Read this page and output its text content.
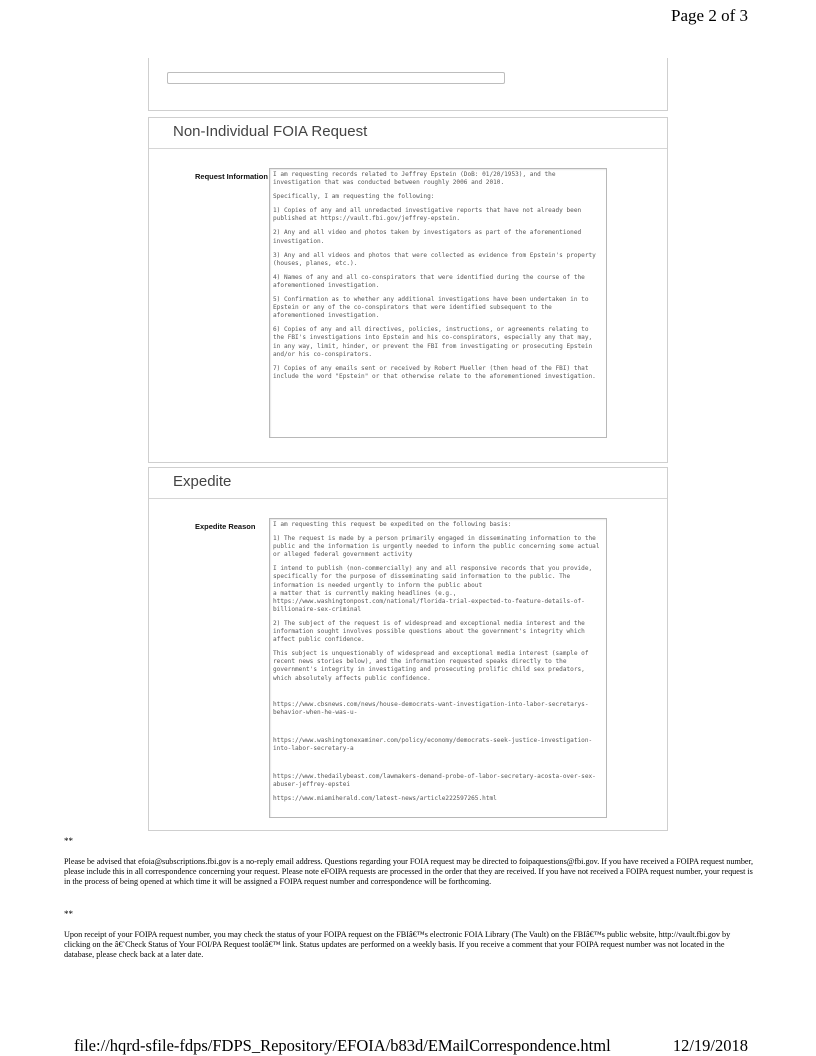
Page 2 of 3
Non-Individual FOIA Request
Request Information I am requesting records related to Jeffrey Epstein (DoB: 01/20/1953), and the investigation that was conducted between roughly 2006 and 2010.

Specifically, I am requesting the following:

1) Copies of any and all unredacted investigative reports that have not already been published at https://vault.fbi.gov/jeffrey-epstein.

2) Any and all video and photos taken by investigators as part of the aforementioned investigation.

3) Any and all videos and photos that were collected as evidence from Epstein's property (houses, planes, etc.).

4) Names of any and all co-conspirators that were identified during the course of the aforementioned investigation.

5) Confirmation as to whether any additional investigations have been undertaken in to Epstein or any of the co-conspirators that were identified subsequent to the aforementioned investigation.

6) Copies of any and all directives, policies, instructions, or agreements relating to the FBI's investigations into Epstein and his co-conspirators, especially any that may, in any way, limit, hinder, or prevent the FBI from investigating or prosecuting Epstein and/or his co-conspirators.

7) Copies of any emails sent or received by Robert Mueller (then head of the FBI) that include the word "Epstein" or that otherwise relate to the aforementioned investigation.

Expedite
Expedite Reason	I am requesting this request be expedited on the following basis:

1) The request is made by a person primarily engaged in disseminating information to the public and the information is urgently needed to inform the public concerning some actual or alleged federal government activity

I intend to publish (non-commercially) any and all responsive records that you provide, specifically for the purpose of disseminating said information to the public. The information is needed urgently to inform the public about

a matter that is currently making headlines (e.g.,

https://www.washingtonpost.com/national/florida-trial-expected-to-feature-details-of-billionaire-sex-criminal

2) The subject of the request is of widespread and exceptional media interest and the information sought involves possible questions about the government's integrity which affect public confidence.

This subject is unquestionably of widespread and exceptional media interest (sample of recent news stories below), and the information requested speaks directly to the government's integrity in investigating and prosecuting prolific child sex predators, which absolutely affects public confidence.

https://www.cbsnews.com/news/house-democrats-want-investigation-into-labor-secretarys-behavior-when-he-was-u-

https://www.washingtonexaminer.com/policy/economy/democrats-seek-justice-investigation-into-labor-secretary-a

https://www.thedailybeast.com/lawmakers-demand-probe-of-labor-secretary-acosta-over-sex-abuser-jeffrey-epstei

https://www.miamiherald.com/latest-news/article222597265.html

**
Please be advised that efoia@subscriptions.fbi.gov is a no-reply email address. Questions regarding your FOIA request may be directed to foipaquestions@fbi.gov. If you have received a FOIPA request number, please include this in all correspondence concerning your request. Please note eFOIPA requests are processed in the order that they are received. If you have not received a FOIPA request number, your request is in the process of being opened at which time it will be assigned a FOIPA request number and correspondence will be forthcoming.
**
Upon receipt of your FOIPA request number, you may check the status of your FOIPA request on the FBIâ€™s electronic FOIA Library (The Vault) on the FBIâ€™s public website, http://vault.fbi.gov by clicking on the â€˜Check Status of Your FOI/PA Request toolâ€™ link. Status updates are performed on a weekly basis. If you receive a comment that your FOIPA request number was not located in the database, please check back at a later date.
file://hqrd-sfile-fdps/FDPS_Repository/EFOIA/b83d/EMailCorrespondence.html	12/19/2018
